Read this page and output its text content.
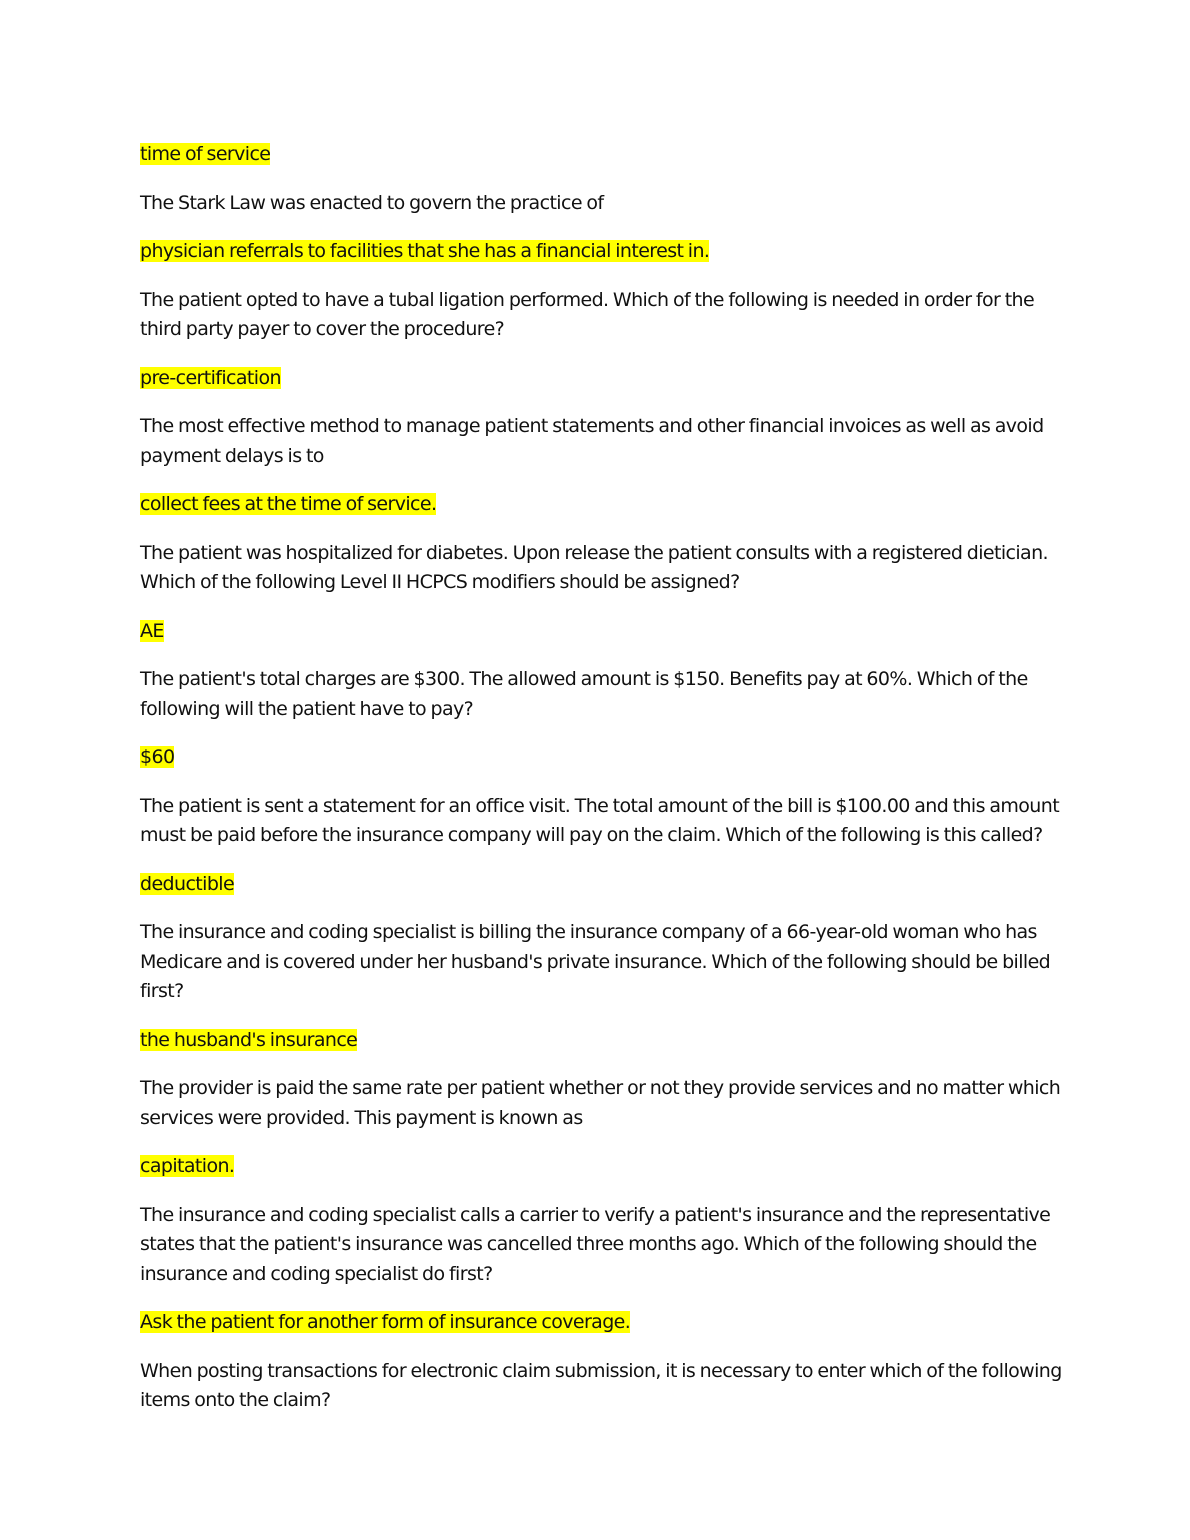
time of service

The Stark Law was enacted to govern the practice of

physician referrals to facilities that she has a financial interest in.

The patient opted to have a tubal ligation performed. Which of the following is needed in order for the third party payer to cover the procedure?

pre-certification

The most effective method to manage patient statements and other financial invoices as well as avoid payment delays is to

collect fees at the time of service.

The patient was hospitalized for diabetes. Upon release the patient consults with a registered dietician. Which of the following Level II HCPCS modifiers should be assigned?

AE

The patient's total charges are $300. The allowed amount is $150. Benefits pay at 60%. Which of the following will the patient have to pay?

$60

The patient is sent a statement for an office visit. The total amount of the bill is $100.00 and this amount must be paid before the insurance company will pay on the claim. Which of the following is this called?

deductible

The insurance and coding specialist is billing the insurance company of a 66-year-old woman who has Medicare and is covered under her husband's private insurance. Which of the following should be billed first?

the husband's insurance

The provider is paid the same rate per patient whether or not they provide services and no matter which services were provided. This payment is known as

capitation.

The insurance and coding specialist calls a carrier to verify a patient's insurance and the representative states that the patient's insurance was cancelled three months ago. Which of the following should the insurance and coding specialist do first?

Ask the patient for another form of insurance coverage.

When posting transactions for electronic claim submission, it is necessary to enter which of the following items onto the claim?
